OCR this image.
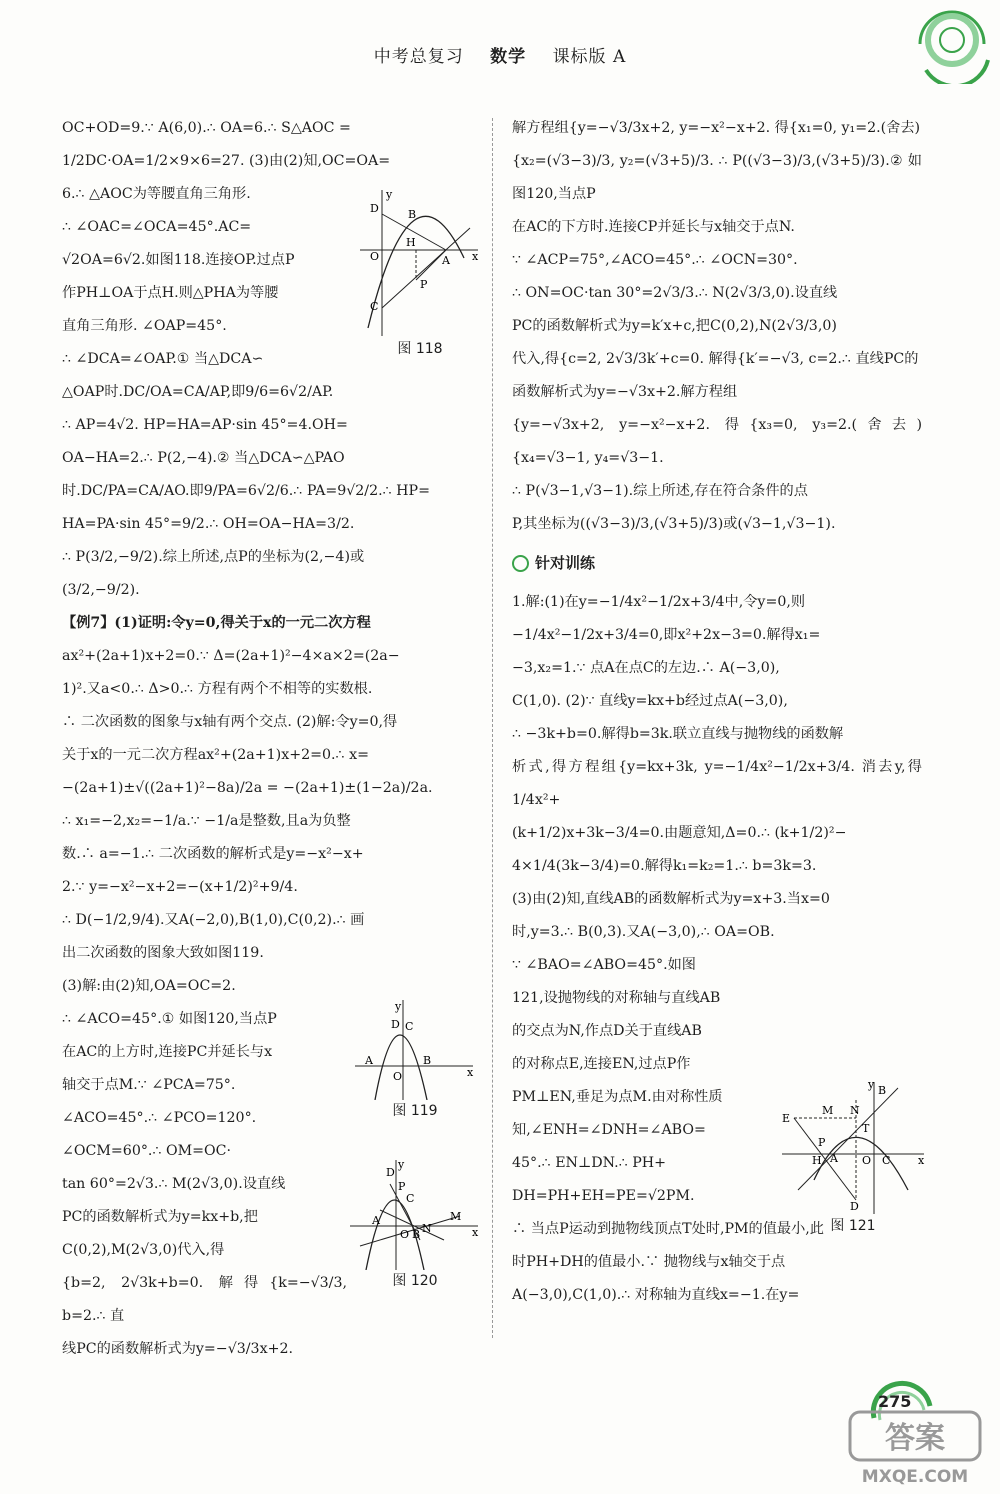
中考总复习 数学 课标版 A

OC+OD=9.∵ A(6,0).∴ OA=6.∴ S△AOC =

1/2DC·OA=1/2×9×6=27. (3)由(2)知,OC=OA=

6.∴ △AOC为等腰直角三角形.

∴ ∠OAC=∠OCA=45°.AC=

√2OA=6√2.如图118.连接OP.过点P

作PH⊥OA于点H.则△PHA为等腰

直角三角形. ∠OAP=45°.

∴ ∠DCA=∠OAP.① 当△DCA∽

△OAP时.DC/OA=CA/AP,即9/6=6√2/AP.

∴ AP=4√2. HP=HA=AP·sin 45°=4.OH=

OA−HA=2.∴ P(2,−4).② 当△DCA∽△PAO

时.DC/PA=CA/AO.即9/PA=6√2/6.∴ PA=9√2/2.∴ HP=

HA=PA·sin 45°=9/2.∴ OH=OA−HA=3/2.

∴ P(3/2,−9/2).综上所述,点P的坐标为(2,−4)或

(3/2,−9/2).

【例7】(1)证明:令y=0,得关于x的一元二次方程

ax²+(2a+1)x+2=0.∵ Δ=(2a+1)²−4×a×2=(2a−

1)².又a<0.∴ Δ>0.∴ 方程有两个不相等的实数根.

∴ 二次函数的图象与x轴有两个交点. (2)解:令y=0,得

关于x的一元二次方程ax²+(2a+1)x+2=0.∴ x=

−(2a+1)±√((2a+1)²−8a)/2a = −(2a+1)±(1−2a)/2a.

∴ x₁=−2,x₂=−1/a.∵ −1/a是整数,且a为负整

数.∴ a=−1.∴ 二次函数的解析式是y=−x²−x+

2.∵ y=−x²−x+2=−(x+1/2)²+9/4.

∴ D(−1/2,9/4).又A(−2,0),B(1,0),C(0,2).∴ 画

出二次函数的图象大致如图119.

(3)解:由(2)知,OA=OC=2.

∴ ∠ACO=45°.① 如图120,当点P

在AC的上方时,连接PC并延长与x

轴交于点M.∵ ∠PCA=75°.

∠ACO=45°.∴ ∠PCO=120°.

∠OCM=60°.∴ OM=OC·

tan 60°=2√3.∴ M(2√3,0).设直线

PC的函数解析式为y=kx+b,把

C(0,2),M(2√3,0)代入,得

{b=2, 2√3k+b=0. 解得{k=−√3/3, b=2.∴ 直

线PC的函数解析式为y=−√3/3x+2.

D
H
O	A
P
C
B
x
y
图 118
A	B
O
D C
x
y
图 119
D
P
C
A
N
M
O B	x
y
图 120

解方程组{y=−√3/3x+2, y=−x²−x+2. 得{x₁=0, y₁=2.(舍去)

{x₂=(√3−3)/3, y₂=(√3+5)/3. ∴ P((√3−3)/3,(√3+5)/3).② 如图120,当点P

在AC的下方时.连接CP并延长与x轴交于点N.

∵ ∠ACP=75°,∠ACO=45°.∴ ∠OCN=30°.

∴ ON=OC·tan 30°=2√3/3.∴ N(2√3/3,0).设直线

PC的函数解析式为y=k′x+c,把C(0,2),N(2√3/3,0)

代入,得{c=2, 2√3/3k′+c=0. 解得{k′=−√3, c=2.∴ 直线PC的

函数解析式为y=−√3x+2.解方程组

{y=−√3x+2, y=−x²−x+2. 得{x₃=0, y₃=2.(舍去) {x₄=√3−1, y₄=√3−1.

∴ P(√3−1,√3−1).综上所述,存在符合条件的点

P,其坐标为((√3−3)/3,(√3+5)/3)或(√3−1,√3−1).

针对训练

1.解:(1)在y=−1/4x²−1/2x+3/4中,令y=0,则

−1/4x²−1/2x+3/4=0,即x²+2x−3=0.解得x₁=

−3,x₂=1.∵ 点A在点C的左边.∴ A(−3,0),

C(1,0). (2)∵ 直线y=kx+b经过点A(−3,0),

∴ −3k+b=0.解得b=3k.联立直线与抛物线的函数解

析式,得方程组{y=kx+3k, y=−1/4x²−1/2x+3/4. 消去y,得1/4x²+

(k+1/2)x+3k−3/4=0.由题意知,Δ=0.∴ (k+1/2)²−

4×1/4(3k−3/4)=0.解得k₁=k₂=1.∴ b=3k=3.

(3)由(2)知,直线AB的函数解析式为y=x+3.当x=0

时,y=3.∴ B(0,3).又A(−3,0),∴ OA=OB.

∵ ∠BAO=∠ABO=45°.如图

121,设抛物线的对称轴与直线AB

的交点为N,作点D关于直线AB

的对称点E,连接EN,过点P作

PM⊥EN,垂足为点M.由对称性质

知,∠ENH=∠DNH=∠ABO=

45°.∴ EN⊥DN.∴ PH+

DH=PH+EH=PE=√2PM.

∴ 当点P运动到抛物线顶点T处时,PM的值最小,此

时PH+DH的值最小.∵ 抛物线与x轴交于点

A(−3,0),C(1,0).∴ 对称轴为直线x=−1.在y=

E
M N
T
H A O C
B
D
P
x
y
图 121
275
答案
MXQE.COM
